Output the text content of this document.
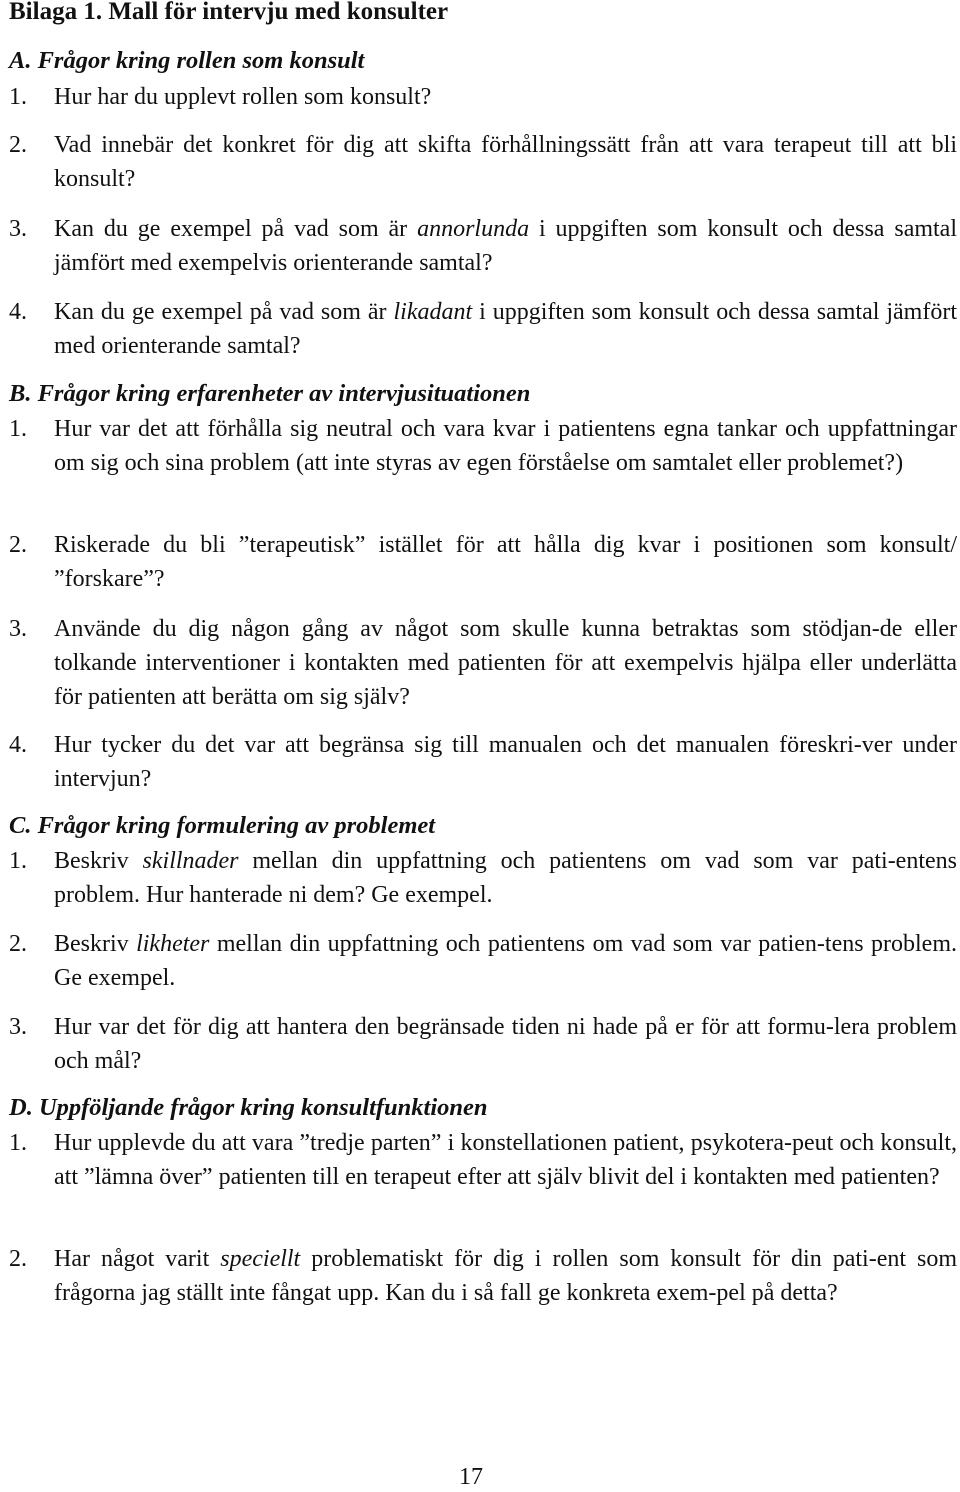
Bilaga 1. Mall för intervju med konsulter
A. Frågor kring rollen som konsult
1. Hur har du upplevt rollen som konsult?
2. Vad innebär det konkret för dig att skifta förhållningssätt från att vara terapeut till att bli konsult?
3. Kan du ge exempel på vad som är annorlunda i uppgiften som konsult och dessa samtal jämfört med exempelvis orienterande samtal?
4. Kan du ge exempel på vad som är likadant i uppgiften som konsult och dessa samtal jämfört med orienterande samtal?
B. Frågor kring erfarenheter av intervjusituationen
1. Hur var det att förhålla sig neutral och vara kvar i patientens egna tankar och uppfattningar om sig och sina problem (att inte styras av egen förståelse om samtalet eller problemet?)
2. Riskerade du bli ”terapeutisk” istället för att hålla dig kvar i positionen som konsult/ ”forskare”?
3. Använde du dig någon gång av något som skulle kunna betraktas som stödjan-de eller tolkande interventioner i kontakten med patienten för att exempelvis hjälpa eller underlätta för patienten att berätta om sig själv?
4. Hur tycker du det var att begränsa sig till manualen och det manualen föreskri-ver under intervjun?
C. Frågor kring formulering av problemet
1. Beskriv skillnader mellan din uppfattning och patientens om vad som var pati-entens problem. Hur hanterade ni dem? Ge exempel.
2. Beskriv likheter mellan din uppfattning och patientens om vad som var patien-tens problem. Ge exempel.
3. Hur var det för dig att hantera den begränsade tiden ni hade på er för att formu-lera problem och mål?
D. Uppföljande frågor kring konsultfunktionen
1. Hur upplevde du att vara ”tredje parten” i konstellationen patient, psykotera-peut och konsult, att ”lämna över” patienten till en terapeut efter att själv blivit del i kontakten med patienten?
2. Har något varit speciellt problematiskt för dig i rollen som konsult för din pati-ent som frågorna jag ställt inte fångat upp. Kan du i så fall ge konkreta exem-pel på detta?
17
